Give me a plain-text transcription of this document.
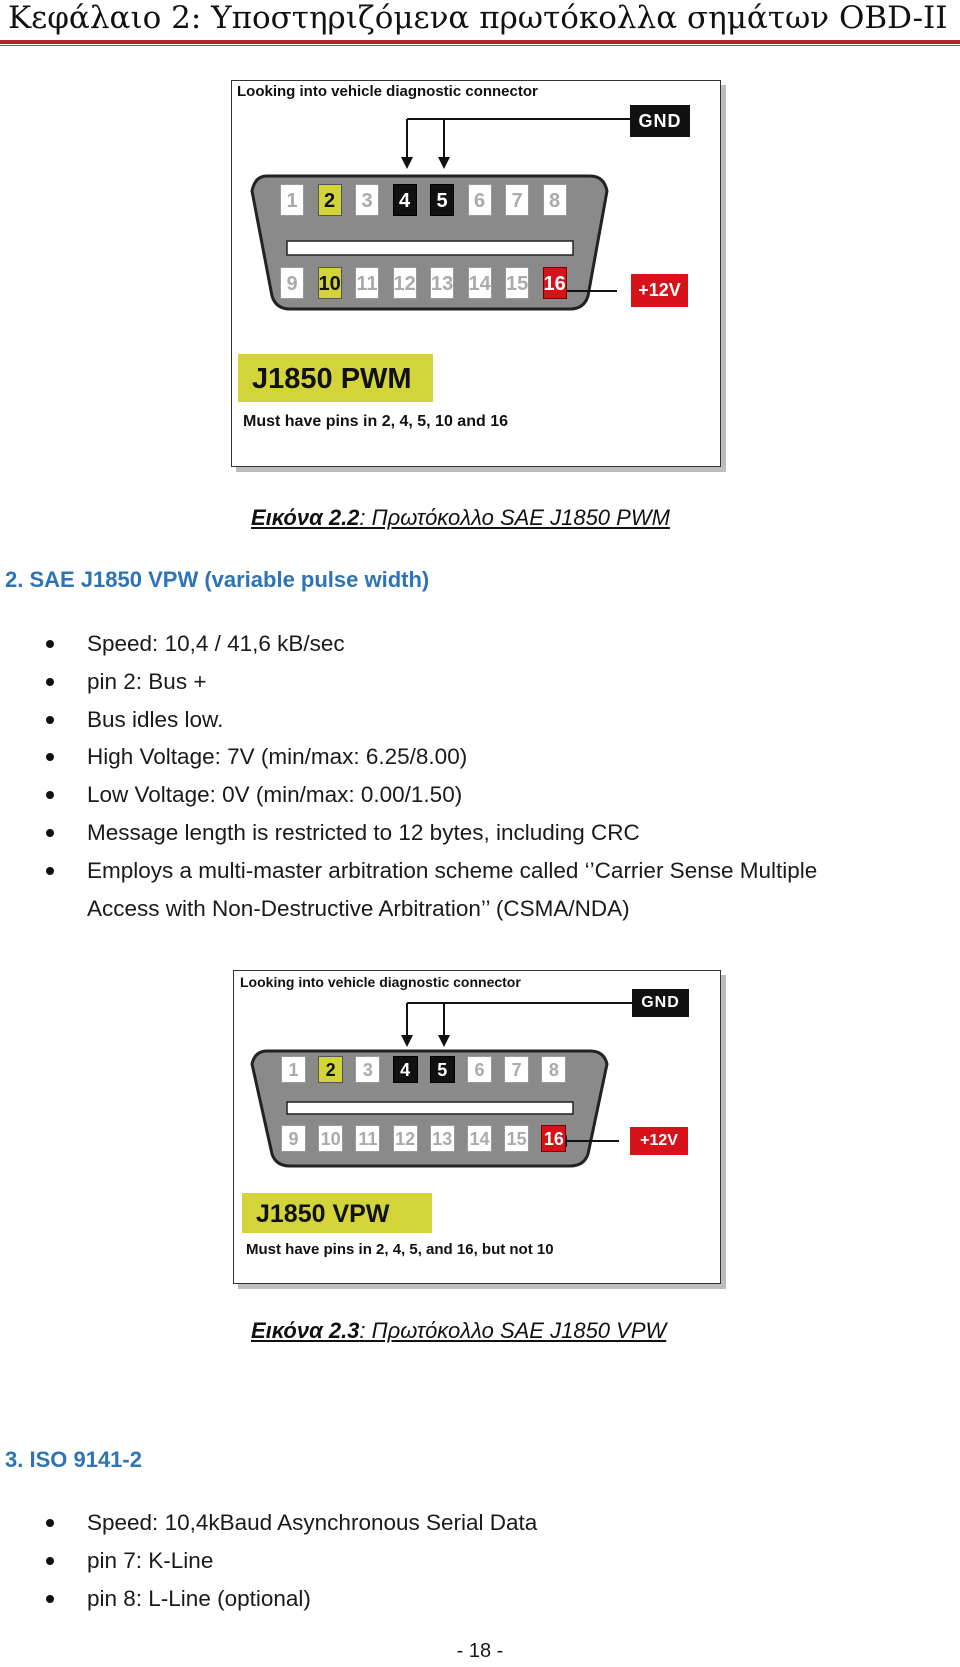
Κεφάλαιο 2: Υποστηριζόμενα πρωτόκολλα σημάτων OBD-II
Looking into vehicle diagnostic connector
GND
+12V
J1850 PWM
Must have pins in 2, 4, 5, 10 and 16
1	2	3	4	5	6	7	8
9	10 11 12 13 14 15 16
Εικόνα 2.2: Πρωτόκολλο SAE J1850 PWM
2. SAE J1850 VPW (variable pulse width)
Speed: 10,4 / 41,6 kB/sec
pin 2: Bus +
Bus idles low.
High Voltage: 7V (min/max: 6.25/8.00)
Low Voltage: 0V (min/max: 0.00/1.50)
Message length is restricted to 12 bytes, including CRC
Employs a multi-master arbitration scheme called ‘’Carrier Sense Multiple
Access with Non-Destructive Arbitration’’ (CSMA/NDA)
Looking into vehicle diagnostic connector
GND
+12V
J1850 VPW
Must have pins in 2, 4, 5, and 16, but not 10
1	2	3	4	5	6	7	8
9	10 11 12 13 14 15 16
Εικόνα 2.3: Πρωτόκολλο SAE J1850 VPW
3. ISO 9141-2
Speed: 10,4kBaud Asynchronous Serial Data
pin 7: K-Line
pin 8: L-Line (optional)
- 18 -
